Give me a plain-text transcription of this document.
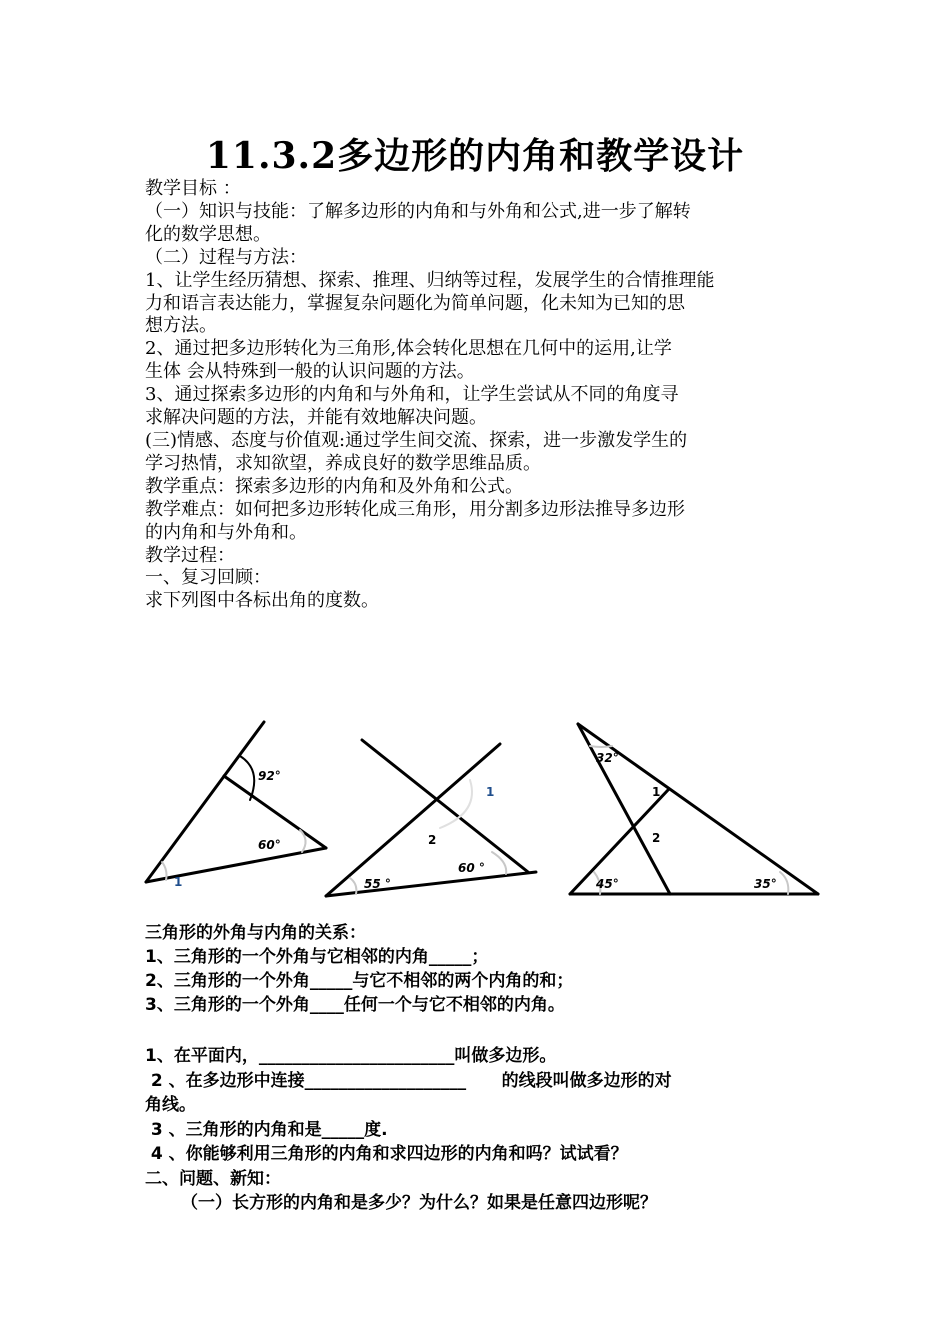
11.3.2多边形的内角和教学设计

教学目标 ：

（一）知识与技能：了解多边形的内角和与外角和公式,进一步了解转

化的数学思想。

（二）过程与方法：

1、让学生经历猜想、探索、推理、归纳等过程，发展学生的合情推理能

力和语言表达能力，掌握复杂问题化为简单问题，化未知为已知的思

想方法。

2、通过把多边形转化为三角形,体会转化思想在几何中的运用,让学

生体 会从特殊到一般的认识问题的方法。

3、通过探索多边形的内角和与外角和，让学生尝试从不同的角度寻

求解决问题的方法，并能有效地解决问题。

(三)情感、态度与价值观:通过学生间交流、探索，进一步激发学生的

学习热情，求知欲望，养成良好的数学思维品质。

教学重点：探索多边形的内角和及外角和公式。

教学难点：如何把多边形转化成三角形，用分割多边形法推导多边形

的内角和与外角和。

教学过程：

一、复习回顾：

求下列图中各标出角的度数。

92°
60°
1
1
2
60 °
55 °
32°
1
2
45°	35°

三角形的外角与内角的关系：

1、三角形的一个外角与它相邻的内角_____；

2、三角形的一个外角_____与它不相邻的两个内角的和；

3、三角形的一个外角____任何一个与它不相邻的内角。

1、在平面内，_______________________叫做多边形。

2 、在多边形中连接___________________      的线段叫做多边形的对

角线。

3 、三角形的内角和是_____度.

4 、你能够利用三角形的内角和求四边形的内角和吗？试试看？

二、问题、新知：

（一）长方形的内角和是多少？为什么？如果是任意四边形呢？
